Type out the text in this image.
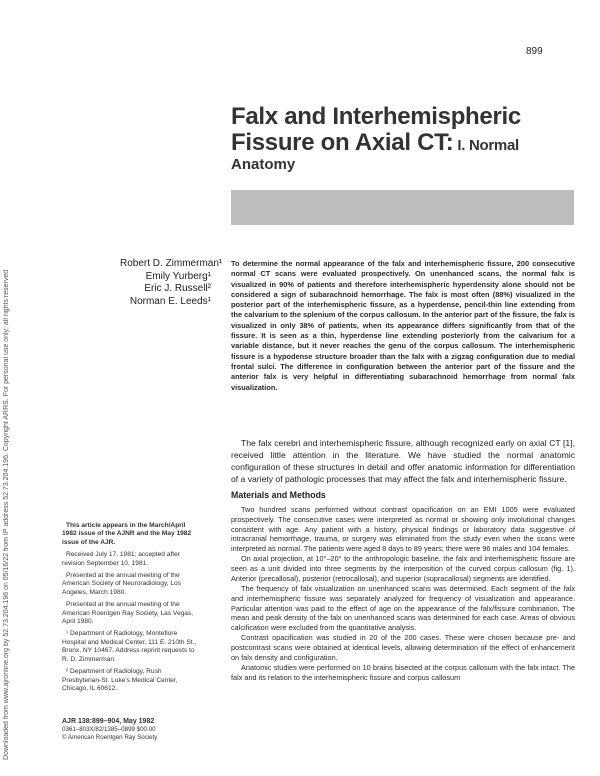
Downloaded from www.ajronline.org by 52.73.204.196 on 05/16/22 from IP address 52.73.204.196. Copyright ARRS. For personal use only; all rights reserved
899
Falx and Interhemispheric
Fissure on Axial CT: I. Normal
Anatomy
Robert D. Zimmerman¹
Emily Yurberg¹
Eric J. Russell²
Norman E. Leeds¹

To determine the normal appearance of the falx and interhemispheric fissure, 200 consecutive normal CT scans were evaluated prospectively. On unenhanced scans, the normal falx is visualized in 90% of patients and therefore interhemispheric hyperdensity alone should not be considered a sign of subarachnoid hemorrhage. The falx is most often (88%) visualized in the posterior part of the interhemispheric fissure, as a hyperdense, pencil-thin line extending from the calvarium to the splenium of the corpus callosum. In the anterior part of the fissure, the falx is visualized in only 38% of patients, when its appearance differs significantly from that of the fissure. It is seen as a thin, hyperdense line extending posteriorly from the calvarium for a variable distance, but it never reaches the genu of the corpus callosum. The interhemispheric fissure is a hypodense structure broader than the falx with a zigzag configuration due to medial frontal sulci. The difference in configuration between the anterior part of the fissure and the anterior falx is very helpful in differentiating subarachnoid hemorrhage from normal falx visualization.

The falx cerebri and interhemispheric fissure, although recognized early on axial CT [1], received little attention in the literature. We have studied the normal anatomic configuration of these structures in detail and offer anatomic information for differentiation of a variety of pathologic processes that may affect the falx and interhemispheric fissure.

Materials and Methods

Two hundred scans performed without contrast opacification on an EMI 1005 were evaluated prospectively. The consecutive cases were interpreted as normal or showing only involutional changes consistent with age. Any patient with a history, physical findings or laboratory data suggestive of intracranial hemorrhage, trauma, or surgery was eliminated from the study even when the scans were interpreted as normal. The patients were aged 8 days to 89 years; there were 96 males and 104 females.

On axial projection, at 10°–20° to the anthropologic baseline, the falx and interhemispheric fissure are seen as a unit divided into three segments by the interposition of the curved corpus callosum (fig. 1). Anterior (precallosal), posterior (retrocallosal), and superior (supracallosal) segments are identified.

The frequency of falx visualization on unenhanced scans was determined. Each segment of the falx and interhemispheric fissure was separately analyzed for frequency of visualization and appearance. Particular attention was paid to the effect of age on the appearance of the falx/fissure combination. The mean and peak density of the falx on unenhanced scans was determined for each case. Areas of obvious calcification were excluded from the quantitative analysis.

Contrast opacification was studied in 20 of the 200 cases. These were chosen because pre- and postcontrast scans were obtained at identical levels, allowing determination of the effect of enhancement on falx density and configuration.

Anatomic studies were performed on 10 brains bisected at the corpus callosum with the falx intact. The falx and its relation to the interhemispheric fissure and corpus callosum

This article appears in the March/April 1982 issue of the AJNR and the May 1982 issue of the AJR.

Received July 17, 1981; accepted after revision September 10, 1981.

Presented at the annual meeting of the American Society of Neuroradiology, Los Angeles, March 1980.

Presented at the annual meeting of the American Roentgen Ray Society, Las Vegas, April 1980.

¹ Department of Radiology, Montefiore Hospital and Medical Center, 111 E. 210th St., Bronx, NY 10467. Address reprint requests to R. D. Zimmerman.

² Department of Radiology, Rush Presbyterian-St. Luke's Medical Center, Chicago, IL 60612.

AJR 138:899–904, May 1982
0361–803X/82/1385–0899 $00.00
© American Roentgen Ray Society
